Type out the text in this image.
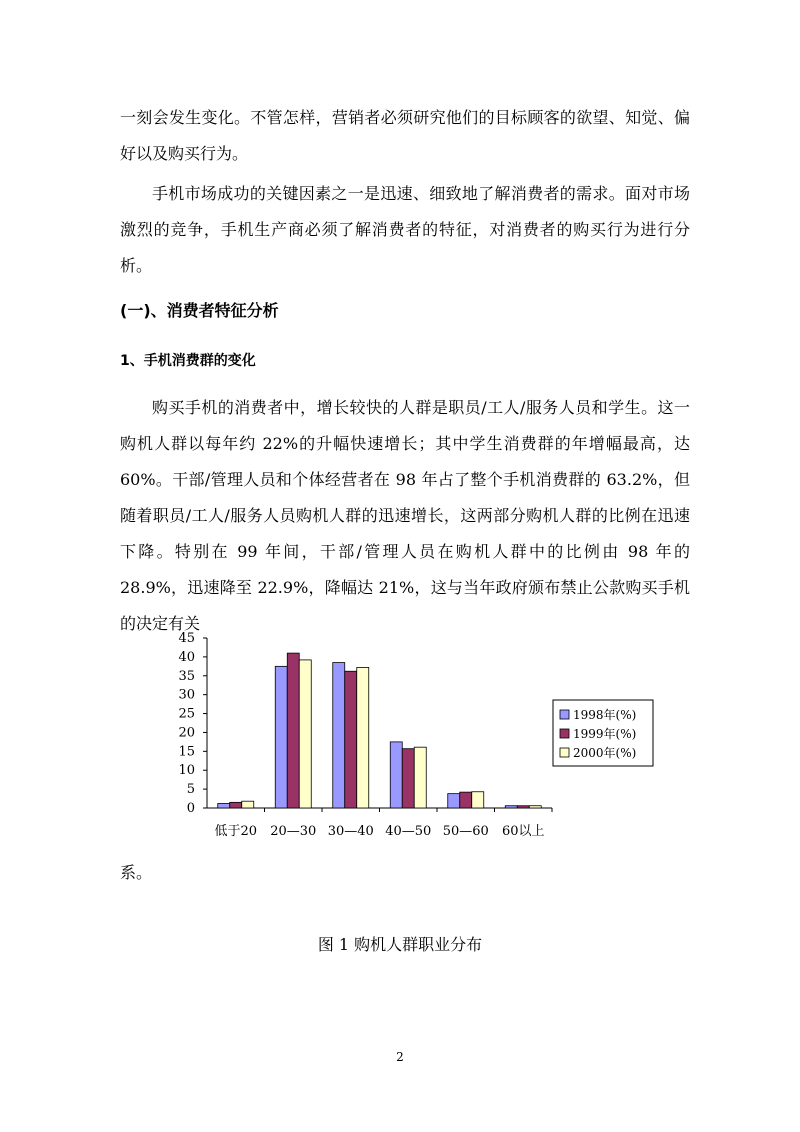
一刻会发生变化。不管怎样，营销者必须研究他们的目标顾客的欲望、知觉、偏好以及购买行为。

手机市场成功的关键因素之一是迅速、细致地了解消费者的需求。面对市场激烈的竞争，手机生产商必须了解消费者的特征，对消费者的购买行为进行分析。

(一)、消费者特征分析
1、手机消费群的变化

购买手机的消费者中，增长较快的人群是职员/工人/服务人员和学生。这一购机人群以每年约 22%的升幅快速增长；其中学生消费群的年增幅最高，达60%。干部/管理人员和个体经营者在 98 年占了整个手机消费群的 63.2%，但随着职员/工人/服务人员购机人群的迅速增长，这两部分购机人群的比例在迅速下降。特别在 99 年间，干部/管理人员在购机人群中的比例由 98 年的 28.9%，迅速降至 22.9%，降幅达 21%，这与当年政府颁布禁止公款购买手机的决定有关

0
5
10
15
20
25
30
35
40
45
低于20 20—30 30—40 40—50 50—60 60以上
1998年(%)
1999年(%)
2000年(%)
系。
图 1 购机人群职业分布
2
